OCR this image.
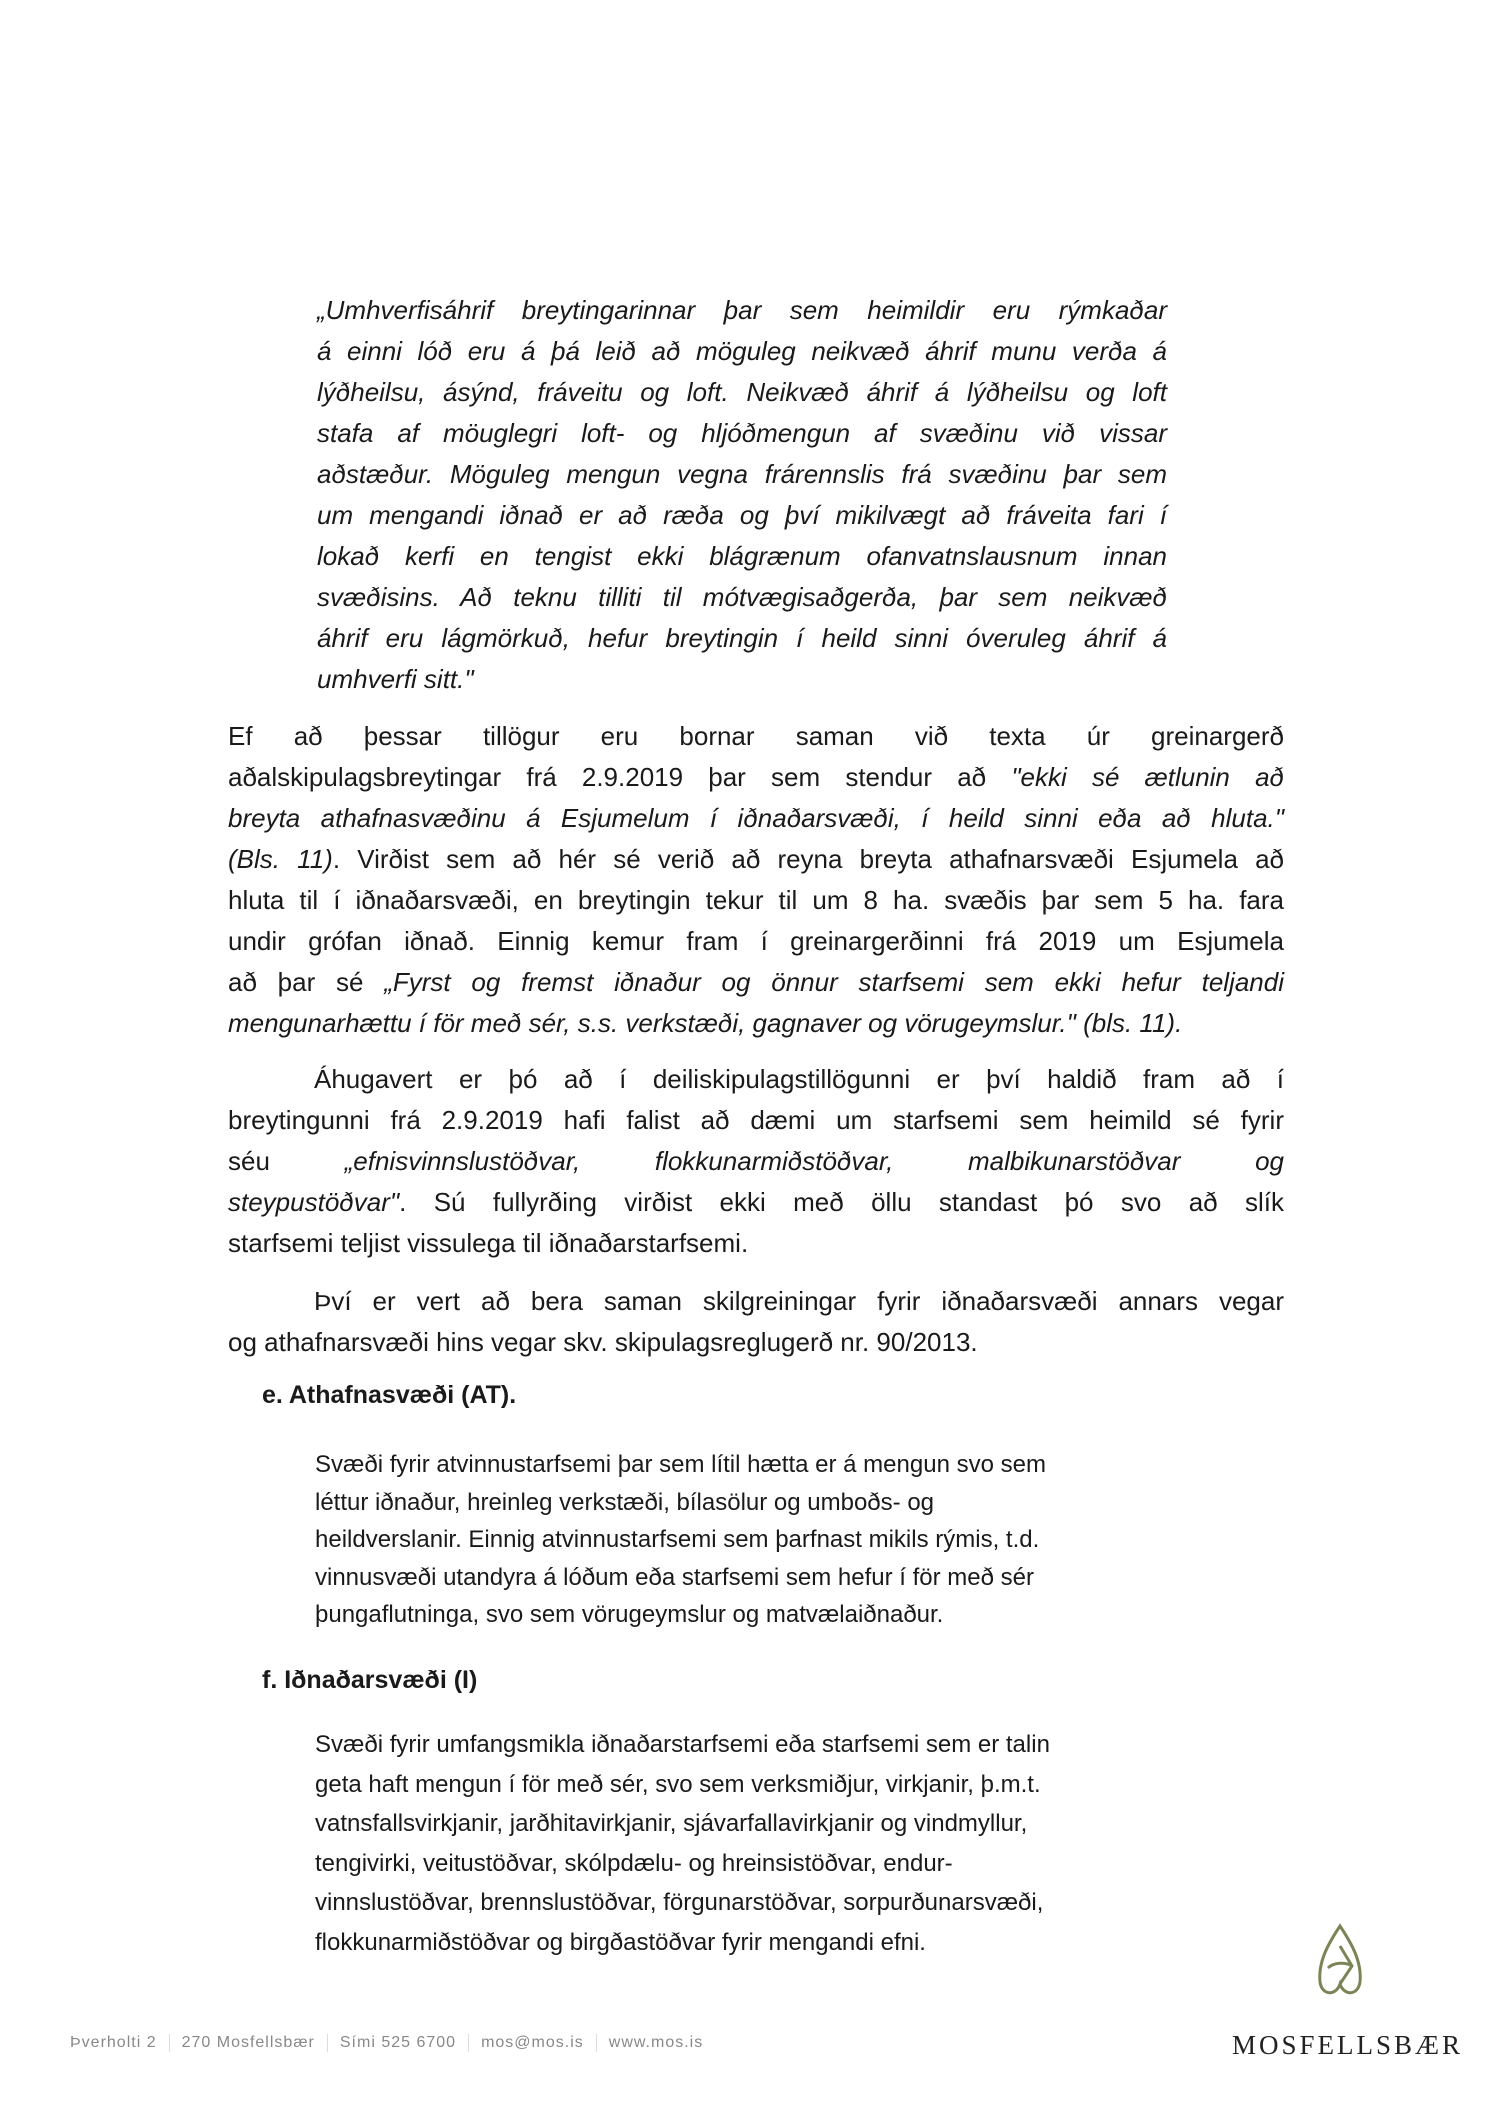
„Umhverfisáhrif breytingarinnar þar sem heimildir eru rýmkaðar
á einni lóð eru á þá leið að möguleg neikvæð áhrif munu verða á
lýðheilsu, ásýnd, fráveitu og loft. Neikvæð áhrif á lýðheilsu og loft
stafa af möuglegri loft- og hljóðmengun af svæðinu við vissar
aðstæður. Möguleg mengun vegna frárennslis frá svæðinu þar sem
um mengandi iðnað er að ræða og því mikilvægt að fráveita fari í
lokað kerfi en tengist ekki blágrænum ofanvatnslausnum innan
svæðisins. Að teknu tilliti til mótvægisaðgerða, þar sem neikvæð
áhrif eru lágmörkuð, hefur breytingin í heild sinni óveruleg áhrif á
umhverfi sitt."
Ef að þessar tillögur eru bornar saman við texta úr greinargerð
aðalskipulagsbreytingar frá 2.9.2019 þar sem stendur að "ekki sé ætlunin að
breyta athafnasvæðinu á Esjumelum í iðnaðarsvæði, í heild sinni eða að hluta."
(Bls. 11). Virðist sem að hér sé verið að reyna breyta athafnarsvæði Esjumela að
hluta til í iðnaðarsvæði, en breytingin tekur til um 8 ha. svæðis þar sem 5 ha. fara
undir grófan iðnað. Einnig kemur fram í greinargerðinni frá 2019 um Esjumela
að þar sé „Fyrst og fremst iðnaður og önnur starfsemi sem ekki hefur teljandi
mengunarhættu í för með sér, s.s. verkstæði, gagnaver og vörugeymslur." (bls. 11).
Áhugavert er þó að í deiliskipulagstillögunni er því haldið fram að í
breytingunni frá 2.9.2019 hafi falist að dæmi um starfsemi sem heimild sé fyrir
séu „efnisvinnslustöðvar, flokkunarmiðstöðvar, malbikunarstöðvar og
steypustöðvar". Sú fullyrðing virðist ekki með öllu standast þó svo að slík
starfsemi teljist vissulega til iðnaðarstarfsemi.
Því er vert að bera saman skilgreiningar fyrir iðnaðarsvæði annars vegar
og athafnarsvæði hins vegar skv. skipulagsreglugerð nr. 90/2013.
e. Athafnasvæði (AT).
Svæði fyrir atvinnustarfsemi þar sem lítil hætta er á mengun svo sem
léttur iðnaður, hreinleg verkstæði, bílasölur og umboðs- og
heildverslanir. Einnig atvinnustarfsemi sem þarfnast mikils rýmis, t.d.
vinnusvæði utandyra á lóðum eða starfsemi sem hefur í för með sér
þungaflutninga, svo sem vörugeymslur og matvælaiðnaður.
f. Iðnaðarsvæði (I)
Svæði fyrir umfangsmikla iðnaðarstarfsemi eða starfsemi sem er talin
geta haft mengun í för með sér, svo sem verksmiðjur, virkjanir, þ.m.t.
vatnsfallsvirkjanir, jarðhitavirkjanir, sjávarfallavirkjanir og vindmyllur,
tengivirki, veitustöðvar, skólpdælu- og hreinsistöðvar, endur-
vinnslustöðvar, brennslustöðvar, förgunarstöðvar, sorpurðunarsvæði,
flokkunarmiðstöðvar og birgðastöðvar fyrir mengandi efni.
Þverholti 2	270 Mosfellsbær	Sími 525 6700	mos@mos.is	www.mos.is	MOSFELLSBÆR
